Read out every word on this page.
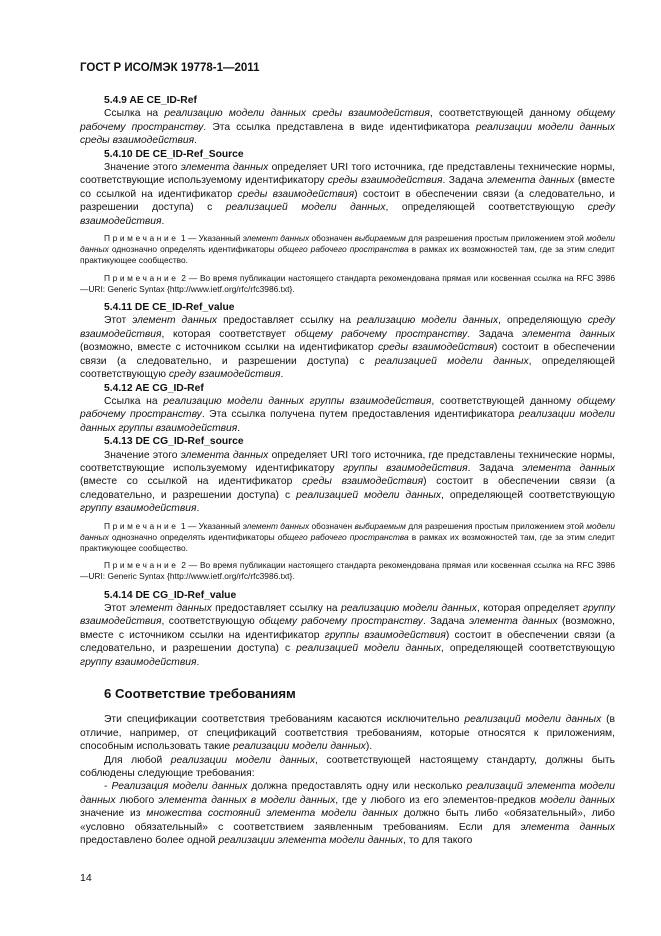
ГОСТ Р ИСО/МЭК 19778-1—2011

5.4.9 AE CE_ID-Ref

Ссылка на реализацию модели данных среды взаимодействия, соответствующей данному общему рабочему пространству. Эта ссылка представлена в виде идентификатора реализации модели данных среды взаимодействия.

5.4.10 DE CE_ID-Ref_Source

Значение этого элемента данных определяет URI того источника, где представлены технические нормы, соответствующие используемому идентификатору среды взаимодействия. Задача элемента данных (вместе со ссылкой на идентификатор среды взаимодействия) состоит в обеспечении связи (а следовательно, и разрешении доступа) с реализацией модели данных, определяющей соответствующую среду взаимодействия.

Примечание 1 — Указанный элемент данных обозначен выбираемым для разрешения простым приложением этой модели данных однозначно определять идентификаторы общего рабочего пространства в рамках их возможностей там, где за этим следит практикующее сообщество.

Примечание 2 — Во время публикации настоящего стандарта рекомендована прямая или косвенная ссылка на RFC 3986—URI: Generic Syntax {http://www.ietf.org/rfc/rfc3986.txt}.

5.4.11 DE CE_ID-Ref_value

Этот элемент данных предоставляет ссылку на реализацию модели данных, определяющую среду взаимодействия, которая соответствует общему рабочему пространству. Задача элемента данных (возможно, вместе с источником ссылки на идентификатор среды взаимодействия) состоит в обеспечении связи (а следовательно, и разрешении доступа) с реализацией модели данных, определяющей соответствующую среду взаимодействия.

5.4.12 AE CG_ID-Ref

Ссылка на реализацию модели данных группы взаимодействия, соответствующей данному общему рабочему пространству. Эта ссылка получена путем предоставления идентификатора реализации модели данных группы взаимодействия.

5.4.13 DE CG_ID-Ref_source

Значение этого элемента данных определяет URI того источника, где представлены технические нормы, соответствующие используемому идентификатору группы взаимодействия. Задача элемента данных (вместе со ссылкой на идентификатор среды взаимодействия) состоит в обеспечении связи (а следовательно, и разрешении доступа) с реализацией модели данных, определяющей соответствующую группу взаимодействия.

Примечание 1 — Указанный элемент данных обозначен выбираемым для разрешения простым приложением этой модели данных однозначно определять идентификаторы общего рабочего пространства в рамках их возможностей там, где за этим следит практикующее сообщество.

Примечание 2 — Во время публикации настоящего стандарта рекомендована прямая или косвенная ссылка на RFC 3986—URI: Generic Syntax {http://www.ietf.org/rfc/rfc3986.txt}.

5.4.14 DE CG_ID-Ref_value

Этот элемент данных предоставляет ссылку на реализацию модели данных, которая определяет группу взаимодействия, соответствующую общему рабочему пространству. Задача элемента данных (возможно, вместе с источником ссылки на идентификатор группы взаимодействия) состоит в обеспечении связи (а следовательно, и разрешении доступа) с реализацией модели данных, определяющей соответствующую группу взаимодействия.

6 Соответствие требованиям

Эти спецификации соответствия требованиям касаются исключительно реализаций модели данных (в отличие, например, от спецификаций соответствия требованиям, которые относятся к приложениям, способным использовать такие реализации модели данных).

Для любой реализации модели данных, соответствующей настоящему стандарту, должны быть соблюдены следующие требования:

- Реализация модели данных должна предоставлять одну или несколько реализаций элемента модели данных любого элемента данных в модели данных, где у любого из его элементов-предков модели данных значение из множества состояний элемента модели данных должно быть либо «обязательный», либо «условно обязательный» с соответствием заявленным требованиям. Если для элемента данных предоставлено более одной реализации элемента модели данных, то для такого

14
